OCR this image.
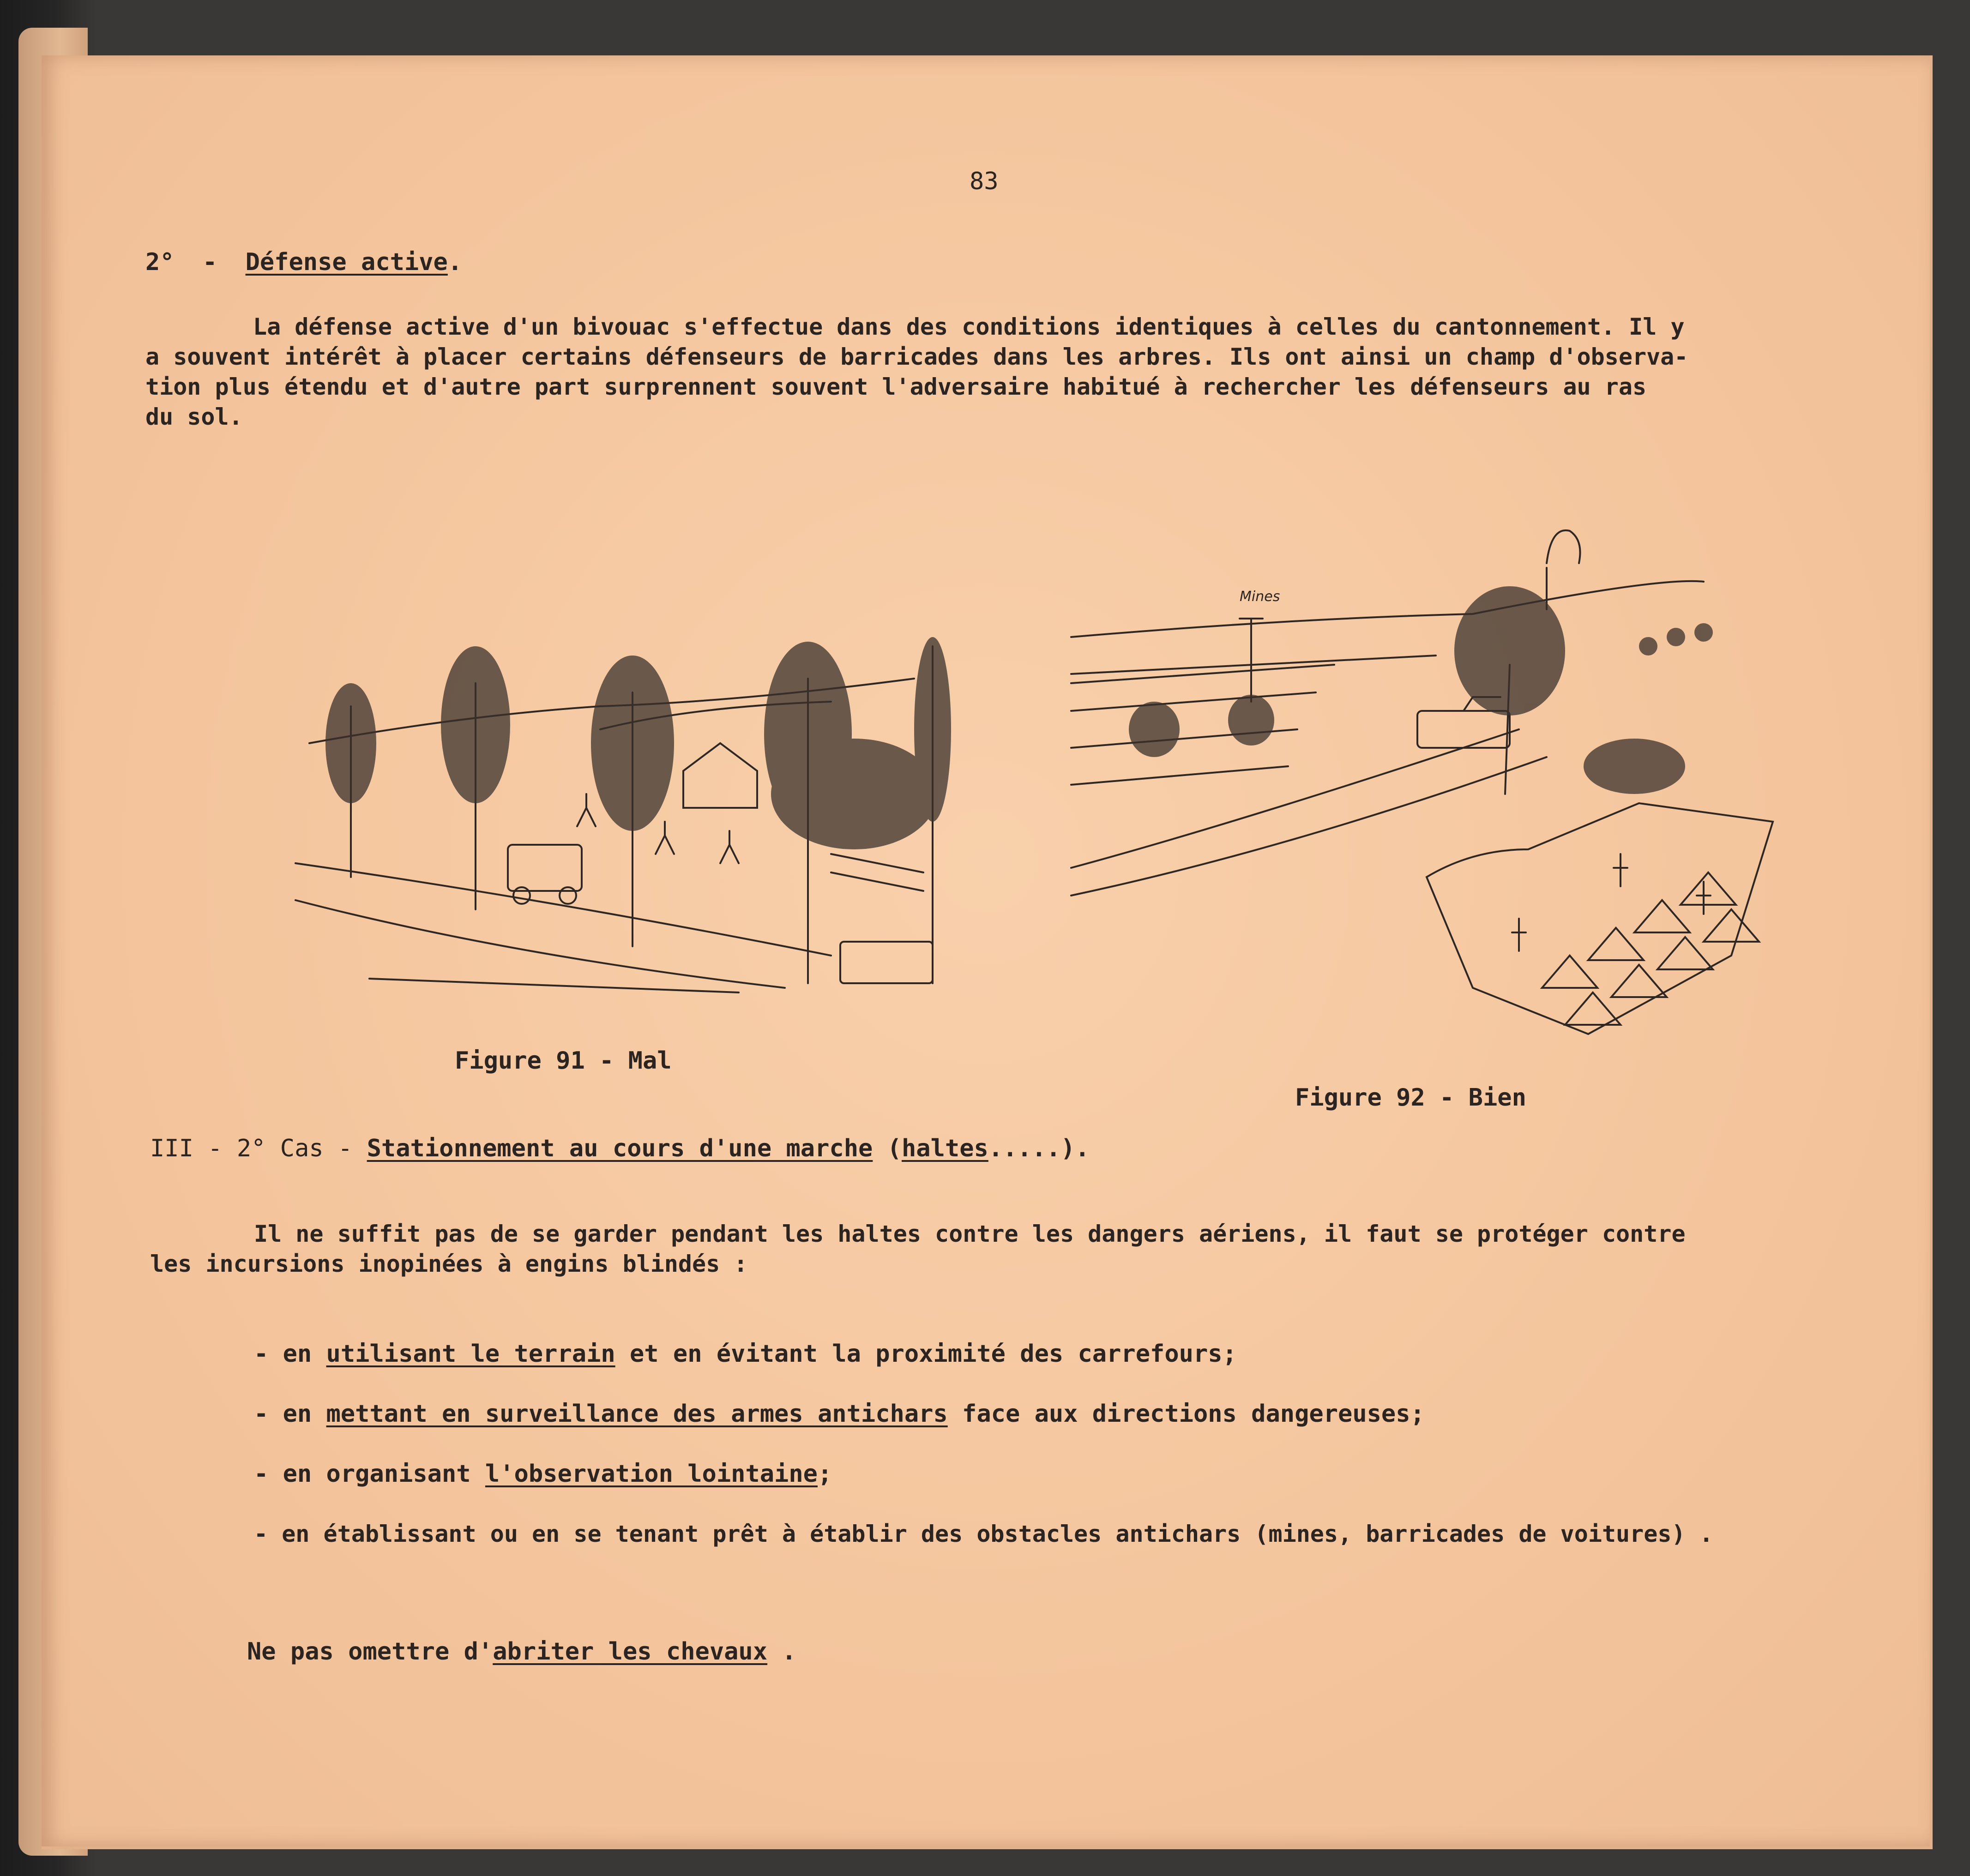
83
2° - Défense active.
La défense active d'un bivouac s'effectue dans des conditions identiques à celles du cantonnement. Il y
a souvent intérêt à placer certains défenseurs de barricades dans les arbres. Ils ont ainsi un champ d'observa-
tion plus étendu et d'autre part surprennent souvent l'adversaire habitué à rechercher les défenseurs au ras
du sol.
Mines
Figure 91 - Mal
Figure 92 - Bien
III - 2° Cas - Stationnement au cours d'une marche (haltes.....).
Il ne suffit pas de se garder pendant les haltes contre les dangers aériens, il faut se protéger contre
les incursions inopinées à engins blindés :
- en utilisant le terrain et en évitant la proximité des carrefours;
- en mettant en surveillance des armes antichars face aux directions dangereuses;
- en organisant l'observation lointaine;
- en établissant ou en se tenant prêt à établir des obstacles antichars (mines, barricades de voitures) .
Ne pas omettre d'abriter les chevaux .
